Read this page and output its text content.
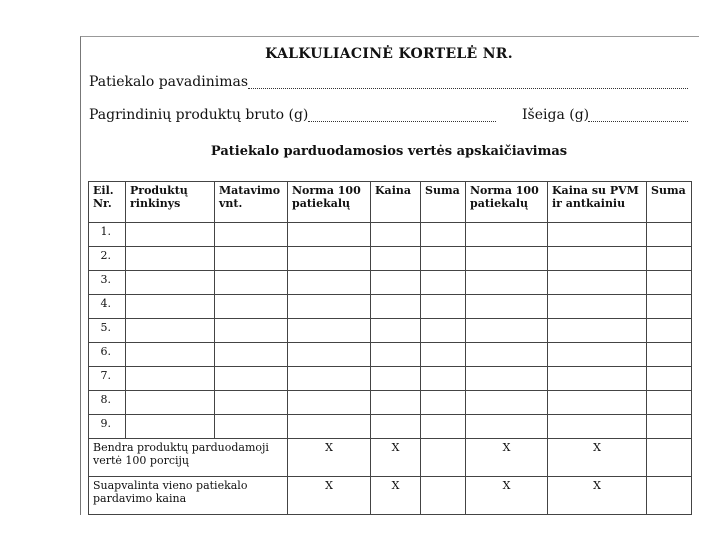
KALKULIACINĖ KORTELĖ NR.
Patiekalo pavadinimas
Pagrindinių produktų bruto (g)	Išeiga (g)
Patiekalo parduodamosios vertės apskaičiavimas
Eil. Nr.	Produktų rinkinys	Matavimo vnt.	Norma 100 patiekalų	Kaina	Suma	Norma 100 patiekalų	Kaina su PVM ir antkainiu	Suma
1.								
2.								
3.								
4.								
5.								
6.								
7.								
8.								
9.								
Bendra produktų parduodamoji vertė 100 porcijų			X	X		X	X	
Suapvalinta vieno patiekalo pardavimo kaina			X	X		X	X	
